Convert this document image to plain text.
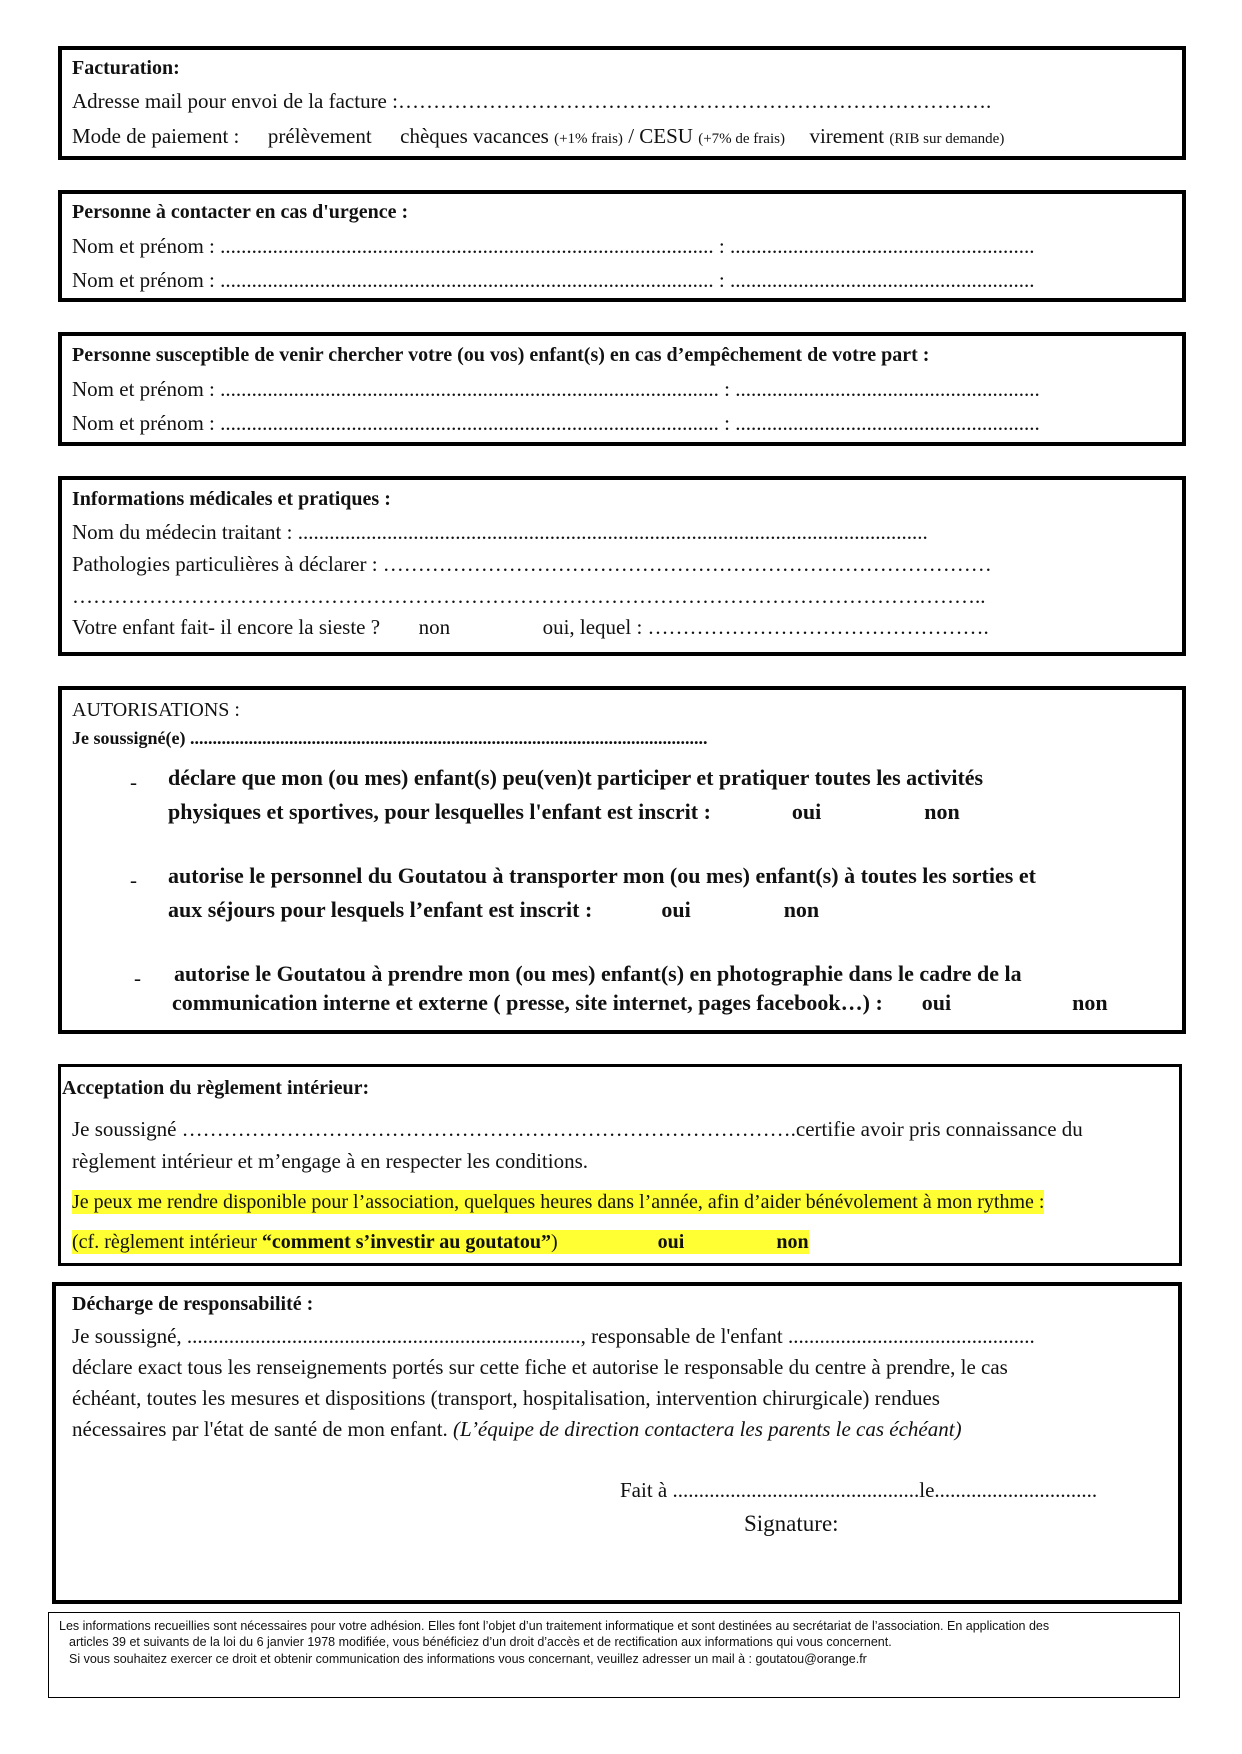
Facturation:
Adresse mail pour envoi de la facture :………………………………………………………………………….
Mode de paiement : prélèvement chèques vacances (+1% frais) / CESU (+7% de frais) virement (RIB sur demande)
Personne à contacter en cas d'urgence :
Nom et prénom : .............................................................................................. : ..........................................................
Nom et prénom : .............................................................................................. : ..........................................................
Personne susceptible de venir chercher votre (ou vos) enfant(s) en cas d’empêchement de votre part :
Nom et prénom : ............................................................................................... : ..........................................................
Nom et prénom : ............................................................................................... : ..........................................................
Informations médicales et pratiques :
Nom du médecin traitant : ........................................................................................................................
Pathologies particulières à déclarer : ……………………………………………………………………………
…………………………………………………………………………………………………………………..
Votre enfant fait- il encore la sieste ? non	oui, lequel : ………………………………………….
AUTORISATIONS :
Je soussigné(e) ...................................................................................................................
- déclare que mon (ou mes) enfant(s) peu(ven)t participer et pratiquer toutes les activités
physiques et sportives, pour lesquelles l'enfant est inscrit :	oui	non
- autorise le personnel du Goutatou à transporter mon (ou mes) enfant(s) à toutes les sorties et
aux séjours pour lesquels l’enfant est inscrit :	oui	non
- autorise le Goutatou à prendre mon (ou mes) enfant(s) en photographie dans le cadre de la
communication interne et externe ( presse, site internet, pages facebook…) : oui	non
Acceptation du règlement intérieur:
Je soussigné …………………………………………………………………………….certifie avoir pris connaissance du
règlement intérieur et m’engage à en respecter les conditions.
Je peux me rendre disponible pour l’association, quelques heures dans l’année, afin d’aider bénévolement à mon rythme :
(cf. règlement intérieur “comment s’investir au goutatou”)	oui	non
Décharge de responsabilité :
Je soussigné, ..........................................................................., responsable de l'enfant ...............................................
déclare exact tous les renseignements portés sur cette fiche et autorise le responsable du centre à prendre, le cas
échéant, toutes les mesures et dispositions (transport, hospitalisation, intervention chirurgicale) rendues
nécessaires par l'état de santé de mon enfant. (L’équipe de direction contactera les parents le cas échéant)
Fait à ...............................................le...............................
Signature:
Les informations recueillies sont nécessaires pour votre adhésion. Elles font l’objet d’un traitement informatique et sont destinées au secrétariat de l’association. En application des
articles 39 et suivants de la loi du 6 janvier 1978 modifiée, vous bénéficiez d’un droit d’accès et de rectification aux informations qui vous concernent.
Si vous souhaitez exercer ce droit et obtenir communication des informations vous concernant, veuillez adresser un mail à : goutatou@orange.fr
